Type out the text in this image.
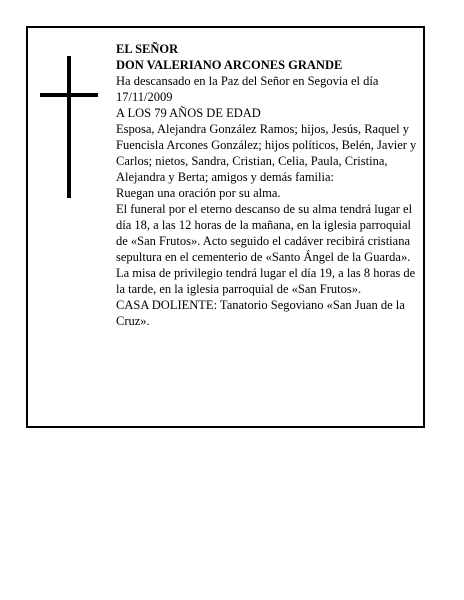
EL SEÑOR

DON VALERIANO ARCONES GRANDE

Ha descansado en la Paz del Señor en Segovia el día 17/11/2009

A LOS 79 AÑOS DE EDAD

Esposa, Alejandra González Ramos; hijos, Jesús, Raquel y Fuencisla Arcones González; hijos políticos, Belén, Javier y Carlos; nietos, Sandra, Cristian, Celia, Paula, Cristina, Alejandra y Berta; amigos y demás familia:

Ruegan una oración por su alma.

El funeral por el eterno descanso de su alma tendrá lugar el día 18, a las 12 horas de la mañana, en la iglesia parroquial de «San Frutos». Acto seguido el cadáver recibirá cristiana sepultura en el cementerio de «Santo Ángel de la Guarda». La misa de privilegio tendrá lugar el día 19, a las 8 horas de la tarde, en la iglesia parroquial de «San Frutos».

CASA DOLIENTE: Tanatorio Segoviano «San Juan de la Cruz».
